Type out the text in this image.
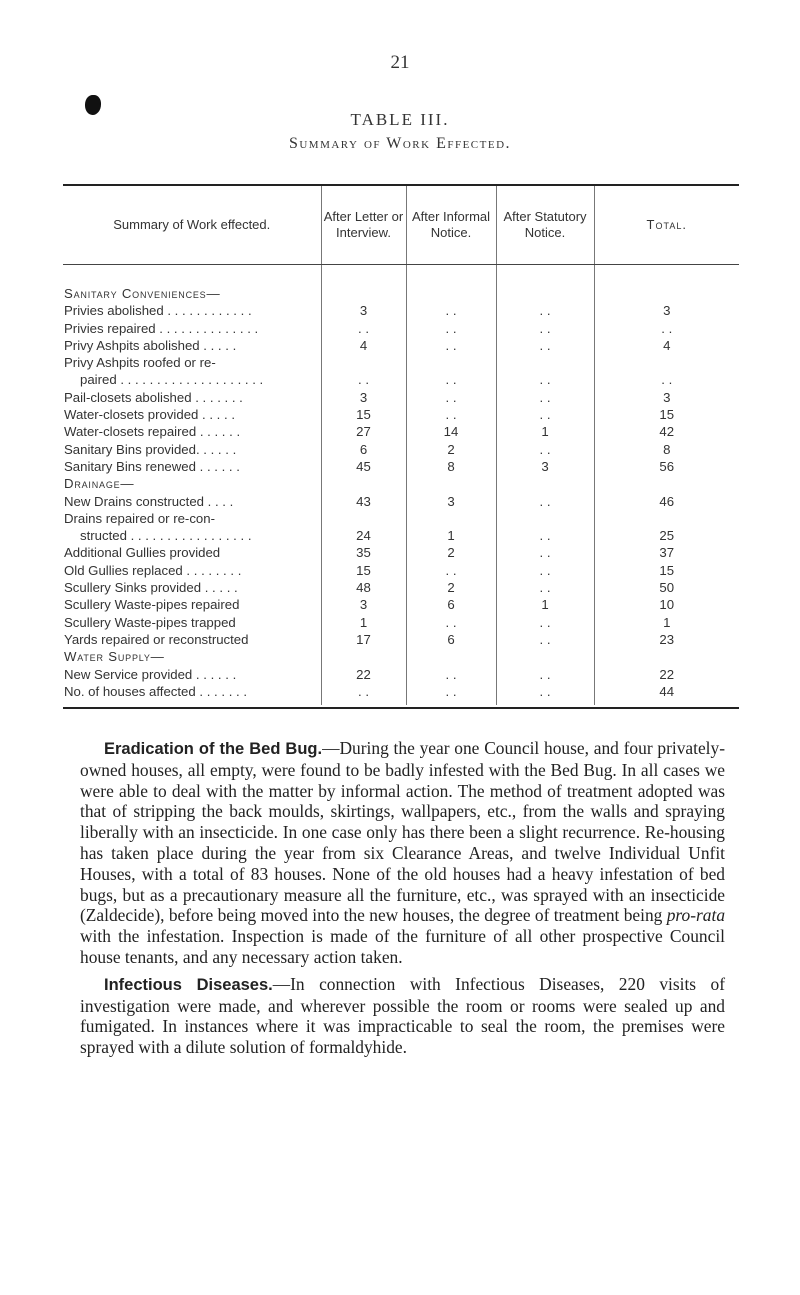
21
TABLE III.
Summary of Work Effected.
Summary of Work effected.	After Letter or Interview.	After Informal Notice.	After Statutory Notice.	Total.

Sanitary Conveniences—				
Privies abolished . . . . . . . . . . . .	3	. .	. .	3
Privies repaired . . . . . . . . . . . . . .	. .	. .	. .	. .
Privy Ashpits abolished . . . . .	4	. .	. .	4
Privy Ashpits roofed or re-				
paired . . . . . . . . . . . . . . . . . . . .	. .	. .	. .	. .
Pail-closets abolished . . . . . . .	3	. .	. .	3
Water-closets provided . . . . .	15	. .	. .	15
Water-closets repaired . . . . . .	27	14	1	42
Sanitary Bins provided. . . . . .	6	2	. .	8
Sanitary Bins renewed . . . . . .	45	8	3	56
Drainage—				
New Drains constructed . . . .	43	3	. .	46
Drains repaired or re-con-				
structed . . . . . . . . . . . . . . . . .	24	1	. .	25
Additional Gullies provided	35	2	. .	37
Old Gullies replaced . . . . . . . .	15	. .	. .	15
Scullery Sinks provided . . . . .	48	2	. .	50
Scullery Waste-pipes repaired	3	6	1	10
Scullery Waste-pipes trapped	1	. .	. .	1
Yards repaired or reconstructed	17	6	. .	23
Water Supply—				
New Service provided . . . . . .	22	. .	. .	22
No. of houses affected . . . . . . .	. .	. .	. .	44

Eradication of the Bed Bug.—During the year one Council house, and four privately-owned houses, all empty, were found to be badly infested with the Bed Bug. In all cases we were able to deal with the matter by informal action. The method of treatment adopted was that of stripping the back moulds, skirtings, wallpapers, etc., from the walls and spraying liberally with an insecticide. In one case only has there been a slight recurrence. Re-housing has taken place during the year from six Clearance Areas, and twelve Individual Unfit Houses, with a total of 83 houses. None of the old houses had a heavy infestation of bed bugs, but as a precautionary measure all the furniture, etc., was sprayed with an insecticide (Zaldecide), before being moved into the new houses, the degree of treatment being pro-rata with the infestation. Inspection is made of the furniture of all other prospective Council house tenants, and any necessary action taken.

Infectious Diseases.—In connection with Infectious Diseases, 220 visits of investigation were made, and wherever possible the room or rooms were sealed up and fumigated. In instances where it was impracticable to seal the room, the premises were sprayed with a dilute solution of formaldyhide.
